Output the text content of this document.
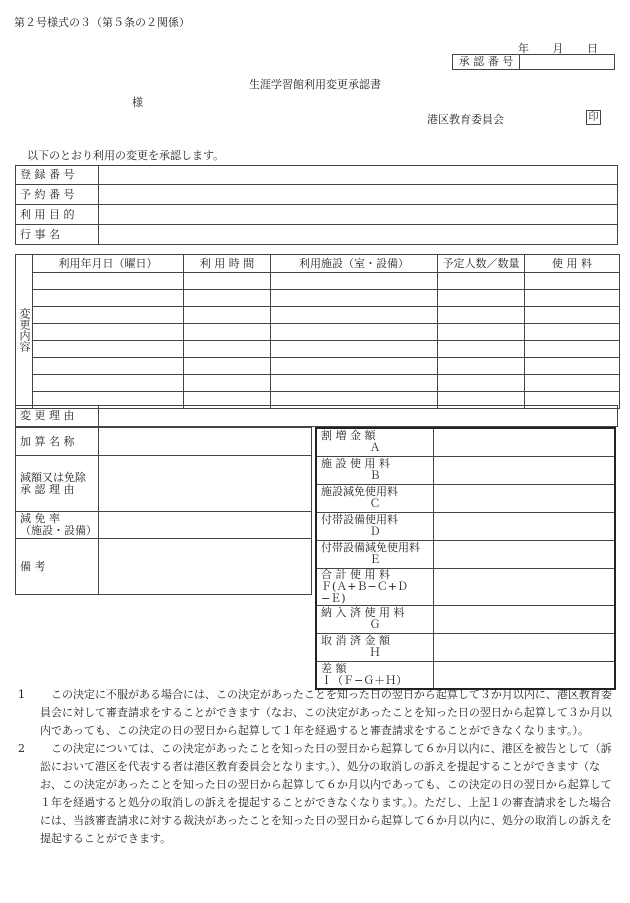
第２号様式の３（第５条の２関係）
年 月 日
承 認 番 号	
生涯学習館利用変更承認書
様
港区教育委員会	印
以下のとおり利用の変更を承認します。
登 録 番 号	
予 約 番 号	
利 用 目 的	
行 事 名	
変更内容	利用年月日（曜日）	利 用 時 間	利用施設（室・設備）	予定人数／数量	使 用 料

変 更 理 由	
加 算 名 称	
減額又は免除
承 認 理 由	
減 免 率
（施設・設備）	
備 考	
割 増 金 額
Ａ	

施 設 使 用 料
Ｂ	

施設減免使用料
Ｃ	

付帯設備使用料
Ｄ	

付帯設備減免使用料
Ｅ	

合 計 使 用 料
Ｆ(Ａ+Ｂ−Ｃ+Ｄ−Ｅ)	

納 入 済 使 用 料
Ｇ	

取 消 済 金 額
Ｈ	

差 額
Ｉ（Ｆ−Ｇ＋Ｈ）	

1	この決定に不服がある場合には、この決定があったことを知った日の翌日から起算して３か月以内に、港区教育委員会に対して審査請求をすることができます（なお、この決定があったことを知った日の翌日から起算して３か月以内であっても、この決定の日の翌日から起算して１年を経過すると審査請求をすることができなくなります。）。
2	この決定については、この決定があったことを知った日の翌日から起算して６か月以内に、港区を被告として（訴訟において港区を代表する者は港区教育委員会となります。）、処分の取消しの訴えを提起することができます（なお、この決定があったことを知った日の翌日から起算して６か月以内であっても、この決定の日の翌日から起算して１年を経過すると処分の取消しの訴えを提起することができなくなります。）。ただし、上記１の審査請求をした場合には、当該審査請求に対する裁決があったことを知った日の翌日から起算して６か月以内に、処分の取消しの訴えを提起することができます。
